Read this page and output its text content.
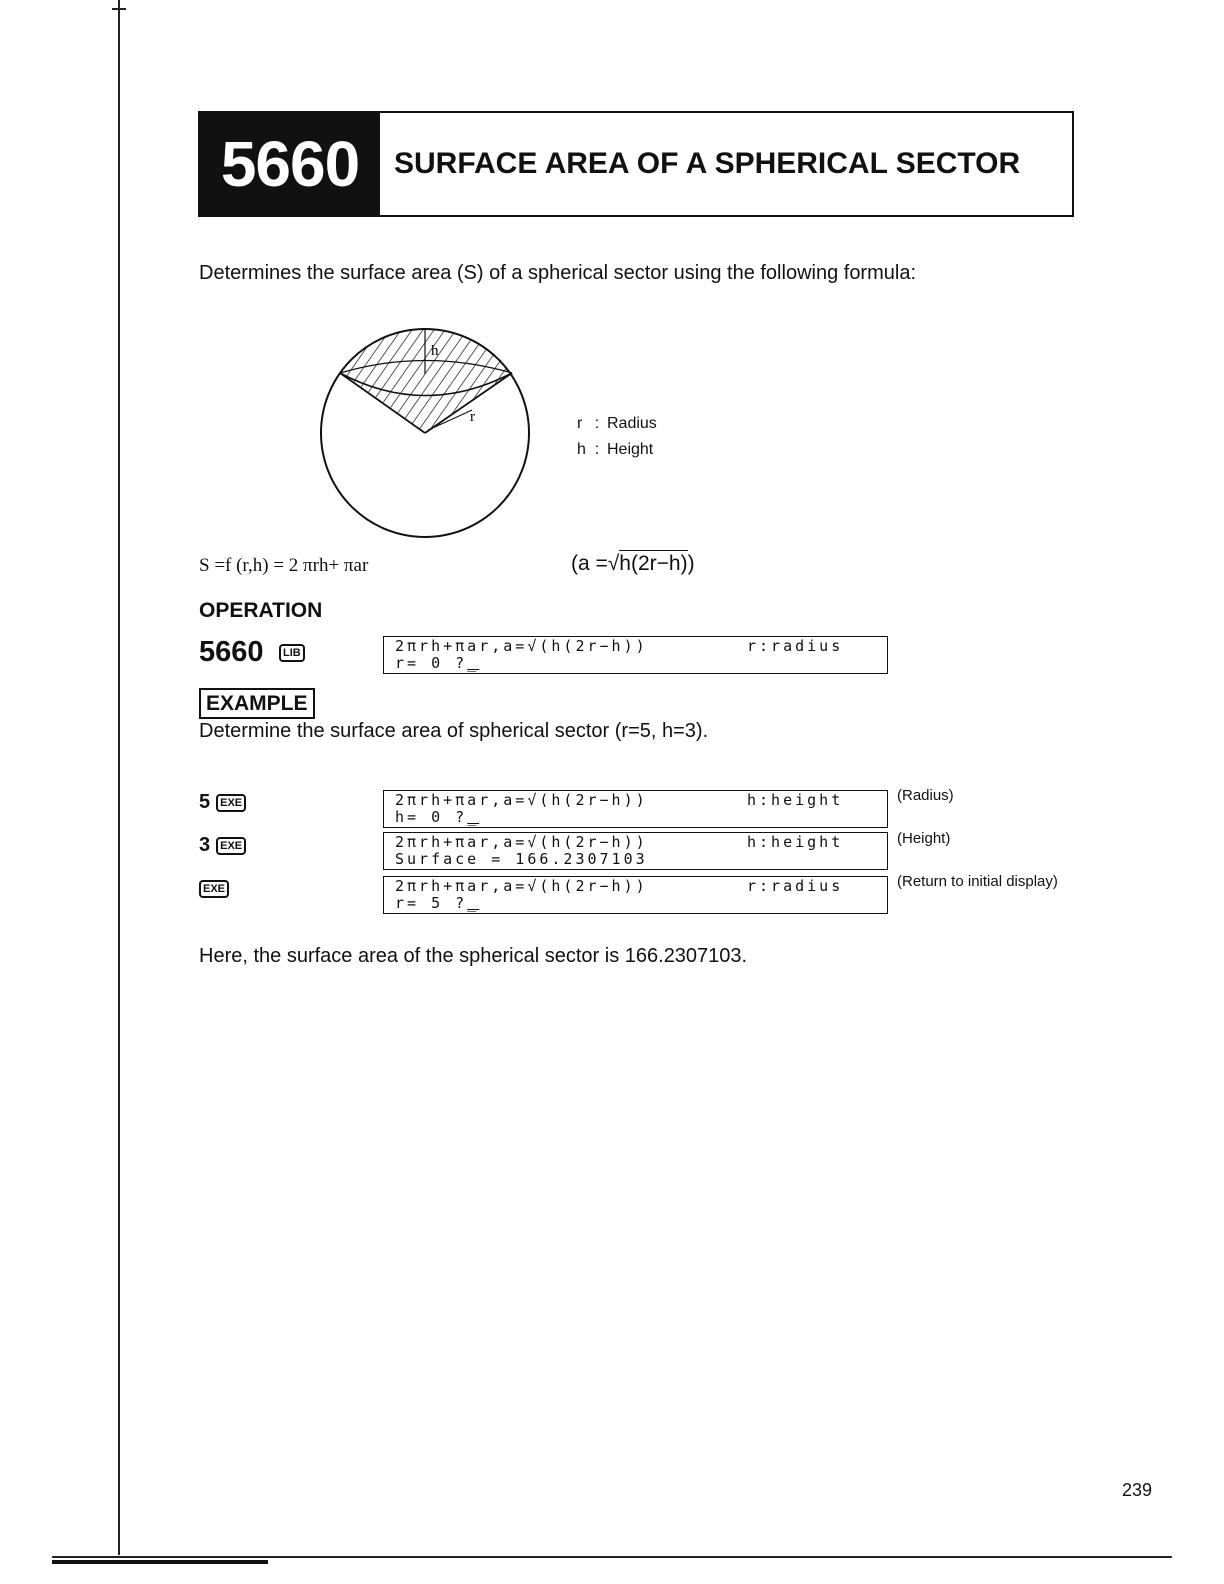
5660	SURFACE AREA OF A SPHERICAL SECTOR
Determines the surface area (S) of a spherical sector using the following formula:
h
r	r : Radius
h : Height
S =f (r,h) = 2 πrh+ πar	(a =√h(2r−h))
OPERATION
5660	LIB	2πrh+πar,a=√(h(2r−h))	r:radius
r= 0 ?_
EXAMPLE
Determine the surface area of spherical sector (r=5, h=3).
5 EXE	2πrh+πar,a=√(h(2r−h))	h:height
h= 0 ?_
(Radius)
3 EXE	2πrh+πar,a=√(h(2r−h))	h:height
Surface = 166.2307103
(Height)
EXE	2πrh+πar,a=√(h(2r−h))	r:radius
r= 5 ?_
(Return to initial display)
Here, the surface area of the spherical sector is 166.2307103.
239
